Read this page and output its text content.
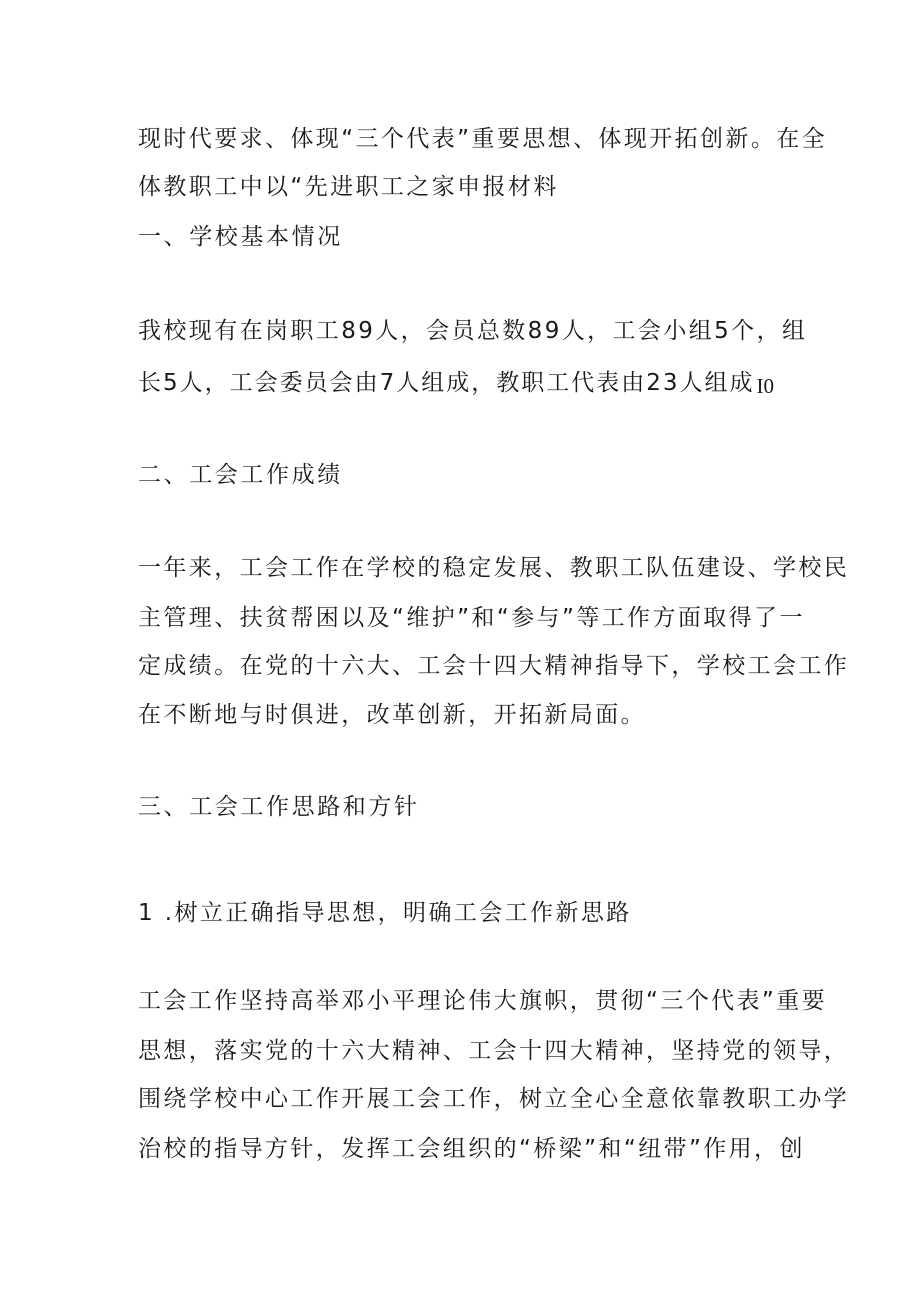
现时代要求、体现“三个代表”重要思想、体现开拓创新。在全

体教职工中以“先进职工之家申报材料

一、学校基本情况

我校现有在岗职工89人，会员总数89人，工会小组5个，组

长5人，工会委员会由7人组成，教职工代表由23人组成I0

二、工会工作成绩

一年来，工会工作在学校的稳定发展、教职工队伍建设、学校民

主管理、扶贫帮困以及“维护”和“参与”等工作方面取得了一

定成绩。在党的十六大、工会十四大精神指导下，学校工会工作

在不断地与时俱进，改革创新，开拓新局面。

三、工会工作思路和方针

1 .树立正确指导思想，明确工会工作新思路

工会工作坚持高举邓小平理论伟大旗帜，贯彻“三个代表”重要

思想，落实党的十六大精神、工会十四大精神，坚持党的领导，

围绕学校中心工作开展工会工作，树立全心全意依靠教职工办学

治校的指导方针，发挥工会组织的“桥梁”和“纽带”作用，创
